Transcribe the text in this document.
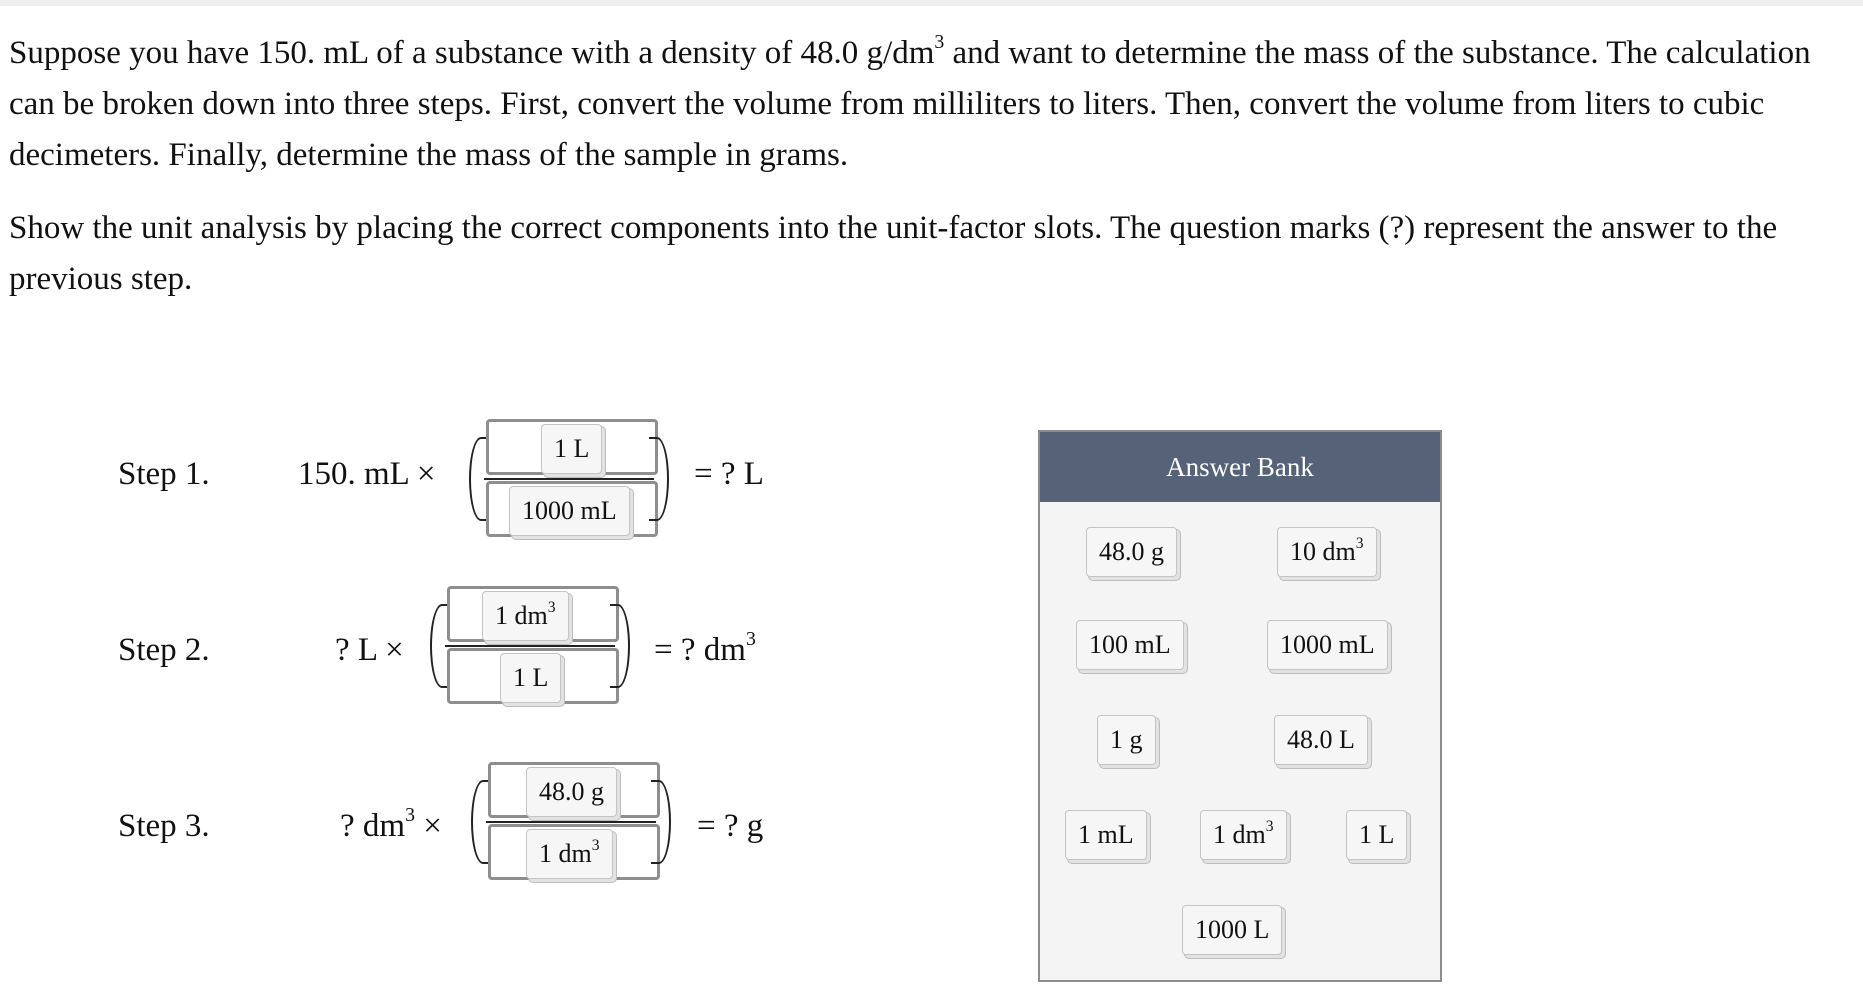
Suppose you have 150. mL of a substance with a density of 48.0 $g/dm^3$ and want to determine the mass of the substance. The calculation can be broken down into three steps. First, convert the volume from milliliters to liters. Then, convert the volume from liters to cubic decimeters. Finally, determine the mass of the sample in grams.

Show the unit analysis by placing the correct components into the unit-factor slots. The question marks (?) represent the answer to the previous step.

Step 1.	150. mL × $\frac{1 L}{1000 mL}$ = ? L
Step 2.	? $L \times \frac{1 dm^3}{1 L}$ = ? $dm^3$
Step 3.	? $dm^3 \times \frac{48.0 g}{1 dm^3}$ = ? g
Answer Bank
48.0 g	10 $dm^3$
100 mL	1000 mL
1 g	48.0 L
1 mL	1 $dm^3$	1 L
1000 L
